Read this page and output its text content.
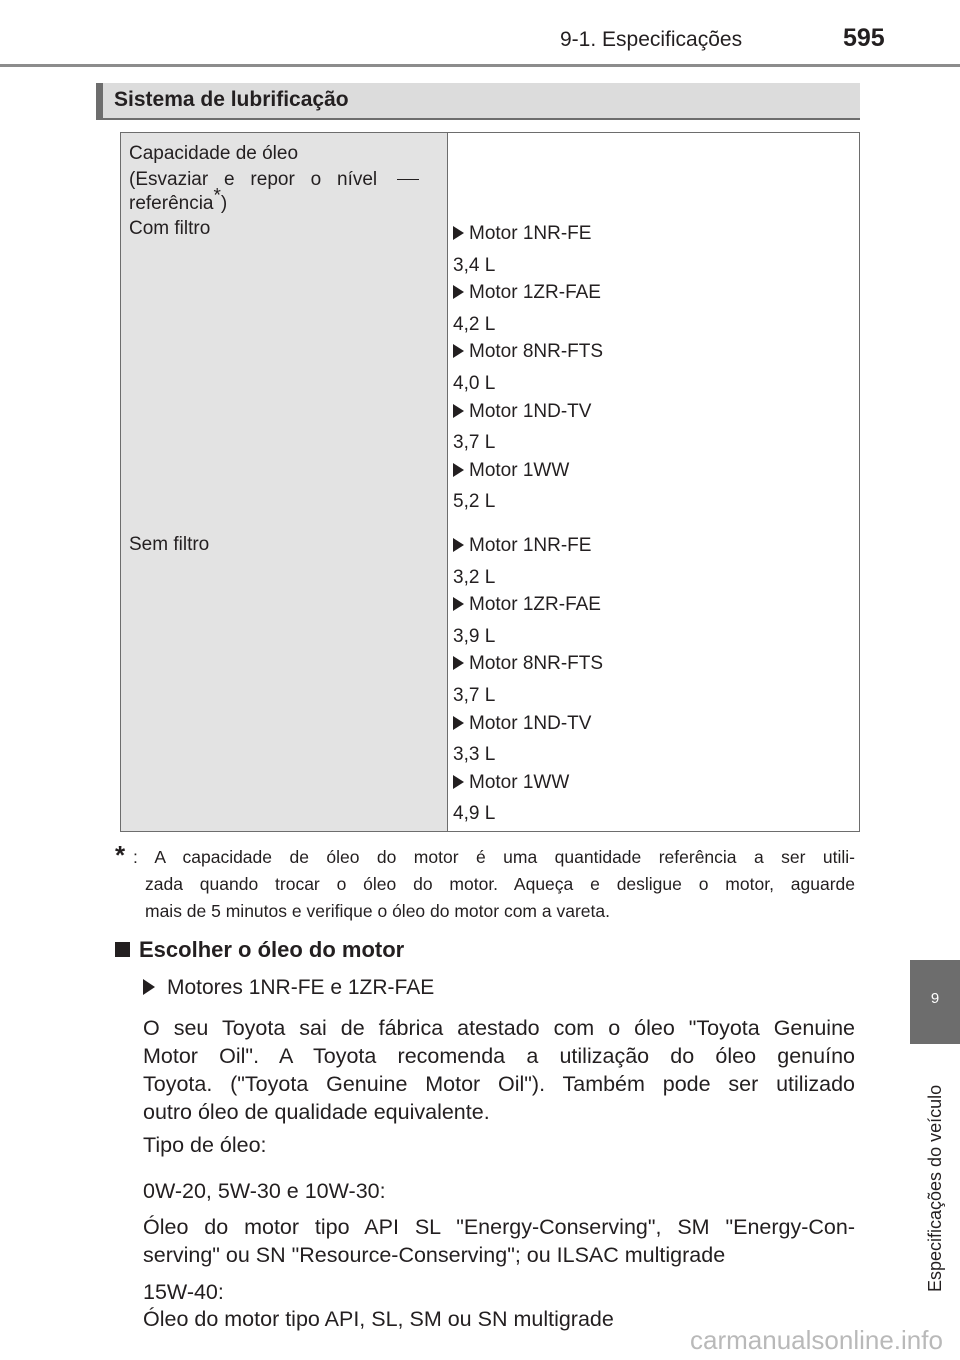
9-1. Especificações	595
Sistema de lubrificação
Capacidade de óleo
(Esvaziar e repor o nível
referência*)
Com filtro
Sem filtro
Motor 1NR-FE
3,4 L
Motor 1ZR-FAE
4,2 L
Motor 8NR-FTS
4,0 L
Motor 1ND-TV
3,7 L
Motor 1WW
5,2 L
Motor 1NR-FE
3,2 L
Motor 1ZR-FAE
3,9 L
Motor 8NR-FTS
3,7 L
Motor 1ND-TV
3,3 L
Motor 1WW
4,9 L
* : A capacidade de óleo do motor é uma quantidade referência a ser utili-
zada quando trocar o óleo do motor. Aqueça e desligue o motor, aguarde
mais de 5 minutos e verifique o óleo do motor com a vareta.
Escolher o óleo do motor
Motores 1NR-FE e 1ZR-FAE
O seu Toyota sai de fábrica atestado com o óleo "Toyota Genuine
Motor Oil". A Toyota recomenda a utilização do óleo genuíno
Toyota. ("Toyota Genuine Motor Oil"). Também pode ser utilizado
outro óleo de qualidade equivalente.
Tipo de óleo:
0W-20, 5W-30 e 10W-30:
Óleo do motor tipo API SL "Energy-Conserving", SM "Energy-Con-
serving" ou SN "Resource-Conserving"; ou ILSAC multigrade
15W-40:
Óleo do motor tipo API, SL, SM ou SN multigrade
9
Especificações do veículo
carmanualsonline.info
